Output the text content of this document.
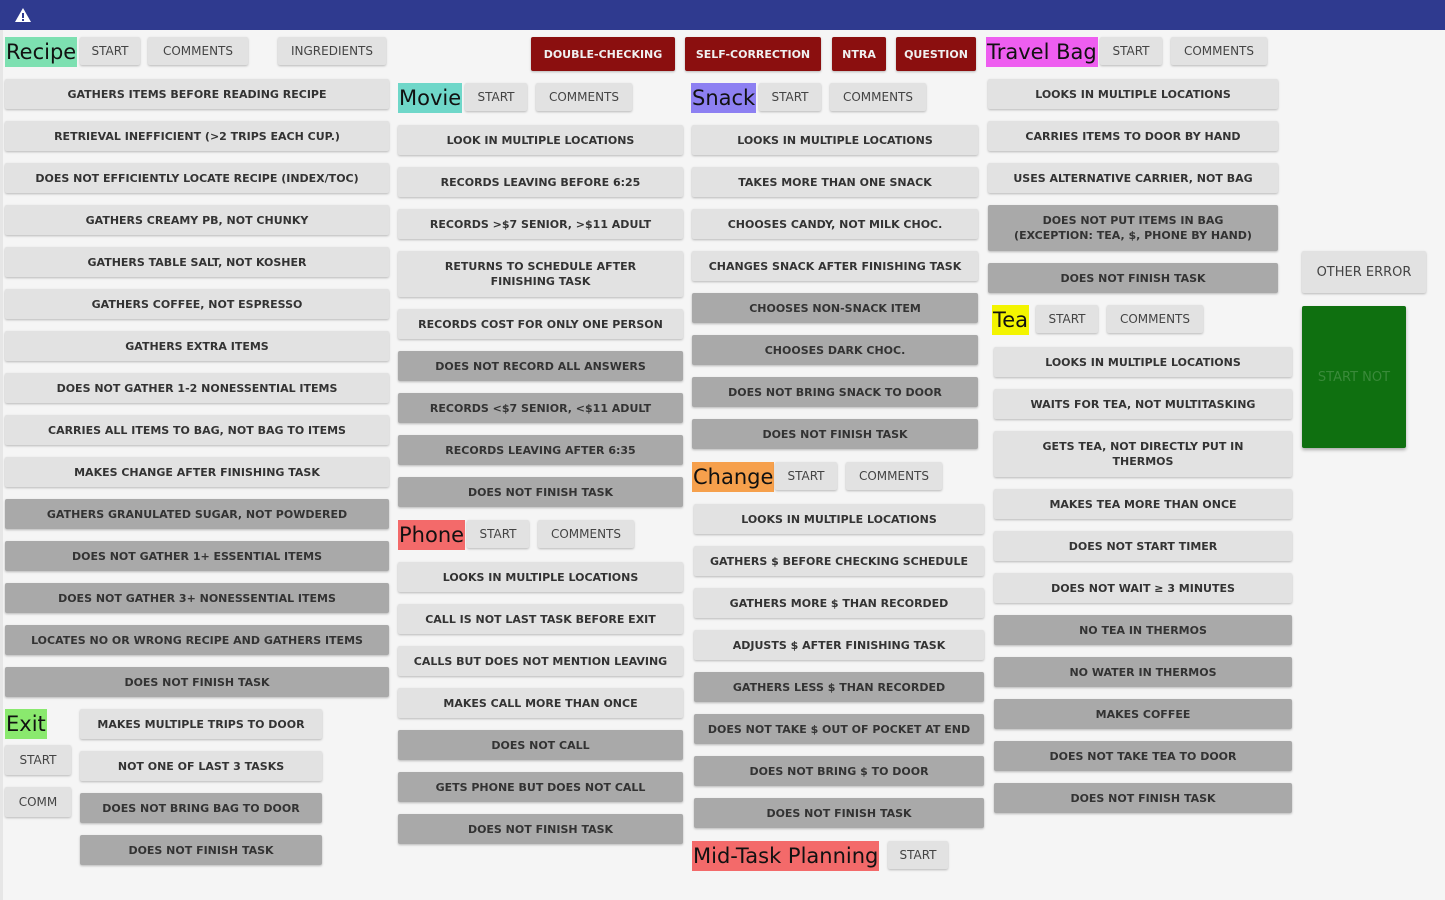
Recipe	START	COMMENTS	INGREDIENTS
GATHERS ITEMS BEFORE READING RECIPE
RETRIEVAL INEFFICIENT (>2 TRIPS EACH CUP.)
DOES NOT EFFICIENTLY LOCATE RECIPE (INDEX/TOC)
GATHERS CREAMY PB, NOT CHUNKY
GATHERS TABLE SALT, NOT KOSHER
GATHERS COFFEE, NOT ESPRESSO
GATHERS EXTRA ITEMS
DOES NOT GATHER 1-2 NONESSENTIAL ITEMS
CARRIES ALL ITEMS TO BAG, NOT BAG TO ITEMS
MAKES CHANGE AFTER FINISHING TASK
GATHERS GRANULATED SUGAR, NOT POWDERED
DOES NOT GATHER 1+ ESSENTIAL ITEMS
DOES NOT GATHER 3+ NONESSENTIAL ITEMS
LOCATES NO OR WRONG RECIPE AND GATHERS ITEMS
DOES NOT FINISH TASK
Exit
START
COMM
MAKES MULTIPLE TRIPS TO DOOR
NOT ONE OF LAST 3 TASKS
DOES NOT BRING BAG TO DOOR
DOES NOT FINISH TASK
DOUBLE-CHECKING	SELF-CORRECTION	NTRA	QUESTION
Movie	START	COMMENTS
LOOK IN MULTIPLE LOCATIONS
RECORDS LEAVING BEFORE 6:25
RECORDS >$7 SENIOR, >$11 ADULT
RETURNS TO SCHEDULE AFTER FINISHING TASK
RECORDS COST FOR ONLY ONE PERSON
DOES NOT RECORD ALL ANSWERS
RECORDS <$7 SENIOR, <$11 ADULT
RECORDS LEAVING AFTER 6:35
DOES NOT FINISH TASK
Phone	START	COMMENTS
LOOKS IN MULTIPLE LOCATIONS
CALL IS NOT LAST TASK BEFORE EXIT
CALLS BUT DOES NOT MENTION LEAVING
MAKES CALL MORE THAN ONCE
DOES NOT CALL
GETS PHONE BUT DOES NOT CALL
DOES NOT FINISH TASK
Snack	START	COMMENTS
LOOKS IN MULTIPLE LOCATIONS
TAKES MORE THAN ONE SNACK
CHOOSES CANDY, NOT MILK CHOC.
CHANGES SNACK AFTER FINISHING TASK
CHOOSES NON-SNACK ITEM
CHOOSES DARK CHOC.
DOES NOT BRING SNACK TO DOOR
DOES NOT FINISH TASK
Change	START	COMMENTS
LOOKS IN MULTIPLE LOCATIONS
GATHERS $ BEFORE CHECKING SCHEDULE
GATHERS MORE $ THAN RECORDED
ADJUSTS $ AFTER FINISHING TASK
GATHERS LESS $ THAN RECORDED
DOES NOT TAKE $ OUT OF POCKET AT END
DOES NOT BRING $ TO DOOR
DOES NOT FINISH TASK
Mid-Task Planning	START
Travel Bag	START	COMMENTS
LOOKS IN MULTIPLE LOCATIONS
CARRIES ITEMS TO DOOR BY HAND
USES ALTERNATIVE CARRIER, NOT BAG
DOES NOT PUT ITEMS IN BAG (EXCEPTION: TEA, $, PHONE BY HAND)
DOES NOT FINISH TASK
Tea	START	COMMENTS
LOOKS IN MULTIPLE LOCATIONS
WAITS FOR TEA, NOT MULTITASKING
GETS TEA, NOT DIRECTLY PUT IN THERMOS
MAKES TEA MORE THAN ONCE
DOES NOT START TIMER
DOES NOT WAIT ≥ 3 MINUTES
NO TEA IN THERMOS
NO WATER IN THERMOS
MAKES COFFEE
DOES NOT TAKE TEA TO DOOR
DOES NOT FINISH TASK
OTHER ERROR
START NOT
